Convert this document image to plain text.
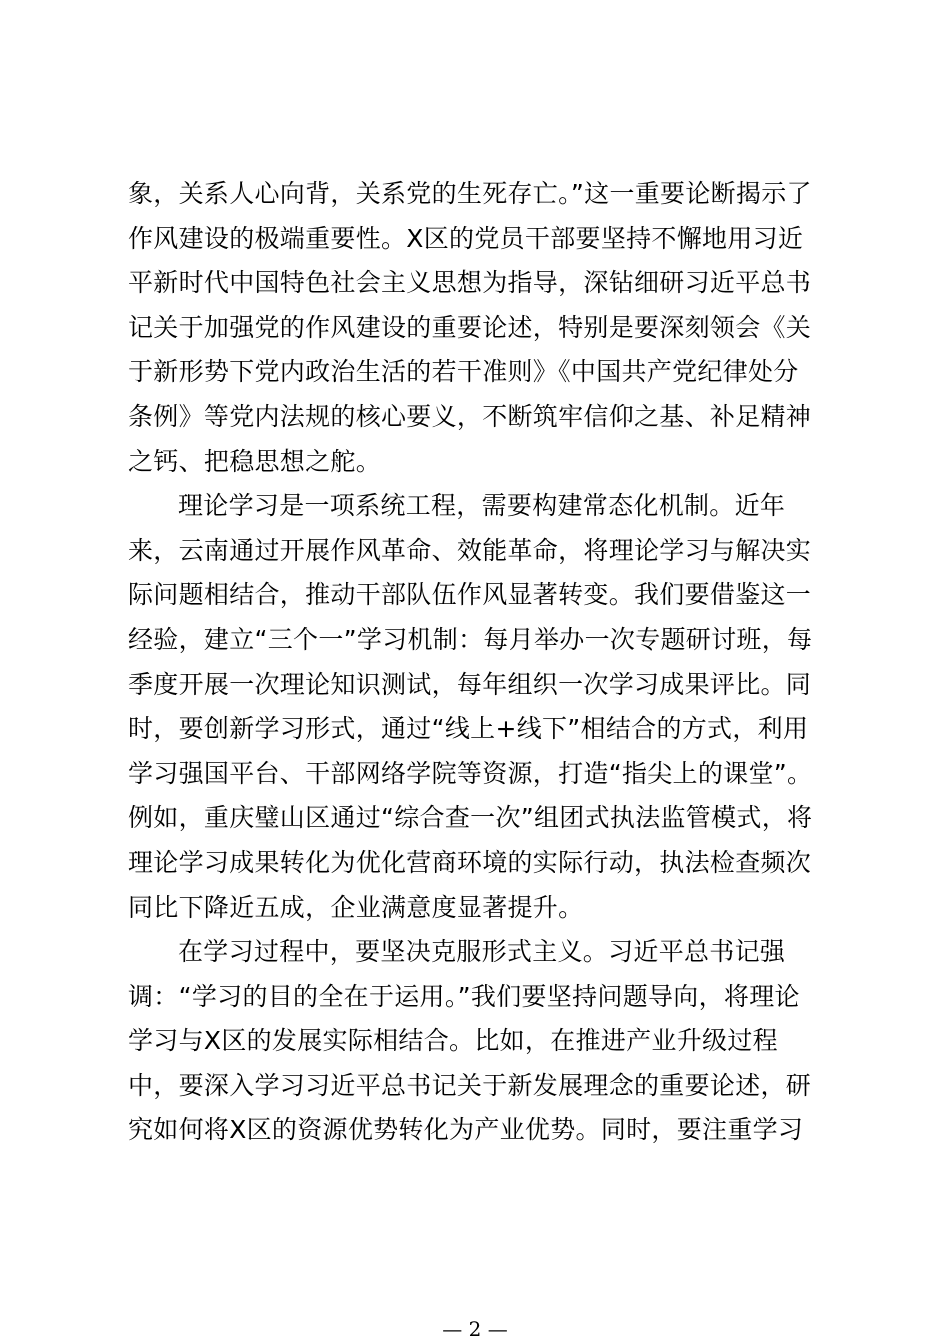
象，关系人心向背，关系党的生死存亡。”这一重要论断揭示了
作风建设的极端重要性。X区的党员干部要坚持不懈地用习近
平新时代中国特色社会主义思想为指导，深钻细研习近平总书
记关于加强党的作风建设的重要论述，特别是要深刻领会《关
于新形势下党内政治生活的若干准则》《中国共产党纪律处分
条例》等党内法规的核心要义，不断筑牢信仰之基、补足精神
之钙、把稳思想之舵。
理论学习是一项系统工程，需要构建常态化机制。近年
来，云南通过开展作风革命、效能革命，将理论学习与解决实
际问题相结合，推动干部队伍作风显著转变。我们要借鉴这一
经验，建立“三个一”学习机制：每月举办一次专题研讨班，每
季度开展一次理论知识测试，每年组织一次学习成果评比。同
时，要创新学习形式，通过“线上+线下”相结合的方式，利用
学习强国平台、干部网络学院等资源，打造“指尖上的课堂”。
例如，重庆璧山区通过“综合查一次”组团式执法监管模式，将
理论学习成果转化为优化营商环境的实际行动，执法检查频次
同比下降近五成，企业满意度显著提升。
在学习过程中，要坚决克服形式主义。习近平总书记强
调：“学习的目的全在于运用。”我们要坚持问题导向，将理论
学习与X区的发展实际相结合。比如，在推进产业升级过程
中，要深入学习习近平总书记关于新发展理念的重要论述，研
究如何将X区的资源优势转化为产业优势。同时，要注重学习
— 2 —
